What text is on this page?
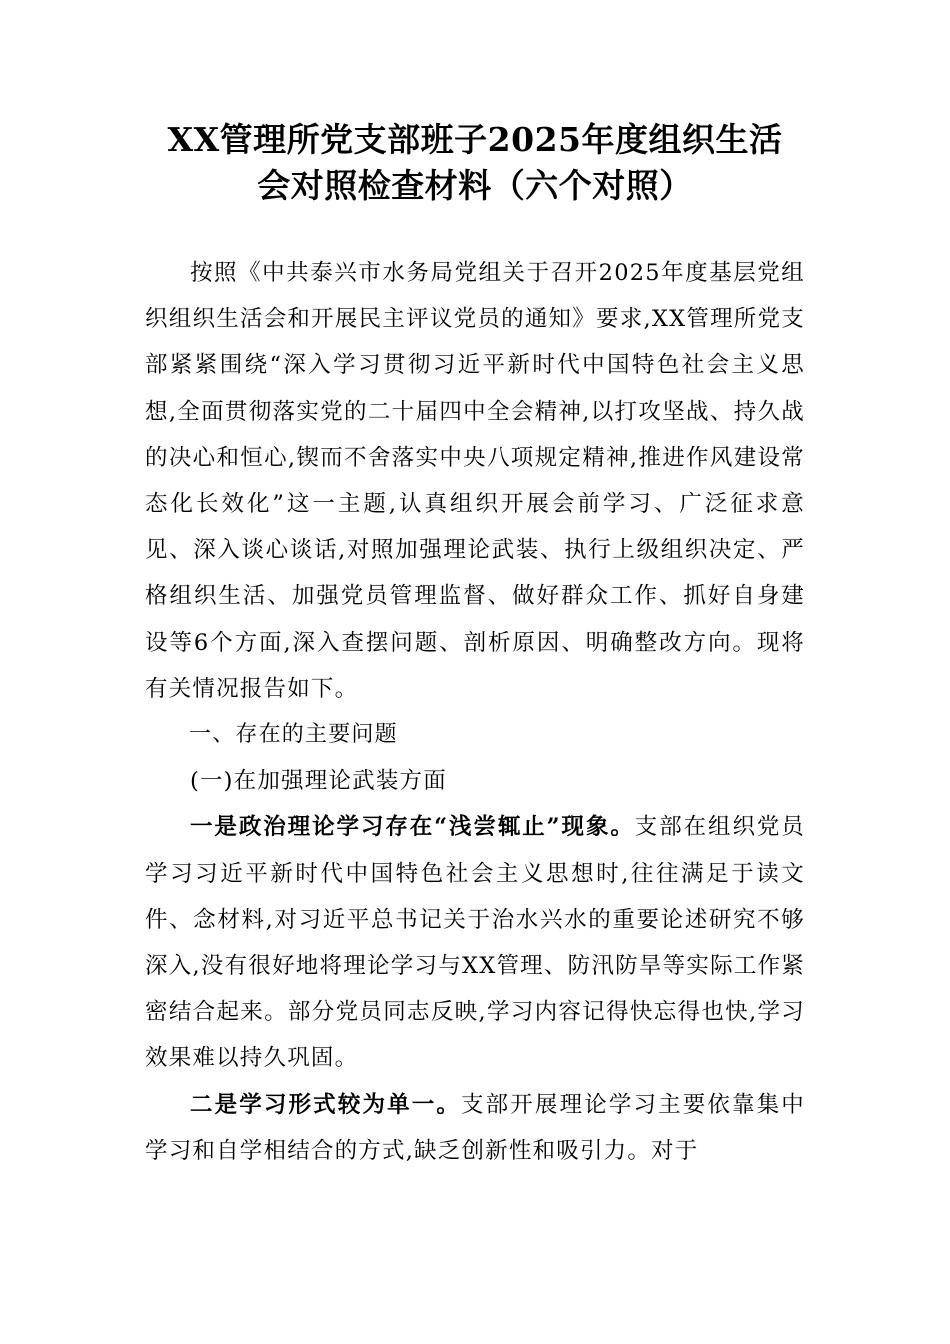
XX管理所党支部班子2025年度组织生活
会对照检查材料（六个对照）

按照《中共泰兴市水务局党组关于召开2025年度基层党组织组织生活会和开展民主评议党员的通知》要求,XX管理所党支部紧紧围绕“深入学习贯彻习近平新时代中国特色社会主义思想,全面贯彻落实党的二十届四中全会精神,以打攻坚战、持久战的决心和恒心,锲而不舍落实中央八项规定精神,推进作风建设常态化长效化”这一主题,认真组织开展会前学习、广泛征求意见、深入谈心谈话,对照加强理论武装、执行上级组织决定、严格组织生活、加强党员管理监督、做好群众工作、抓好自身建设等6个方面,深入查摆问题、剖析原因、明确整改方向。现将有关情况报告如下。

一、存在的主要问题

(一)在加强理论武装方面

一是政治理论学习存在“浅尝辄止”现象。支部在组织党员学习习近平新时代中国特色社会主义思想时,往往满足于读文件、念材料,对习近平总书记关于治水兴水的重要论述研究不够深入,没有很好地将理论学习与XX管理、防汛防旱等实际工作紧密结合起来。部分党员同志反映,学习内容记得快忘得也快,学习效果难以持久巩固。

二是学习形式较为单一。支部开展理论学习主要依靠集中学习和自学相结合的方式,缺乏创新性和吸引力。对于
